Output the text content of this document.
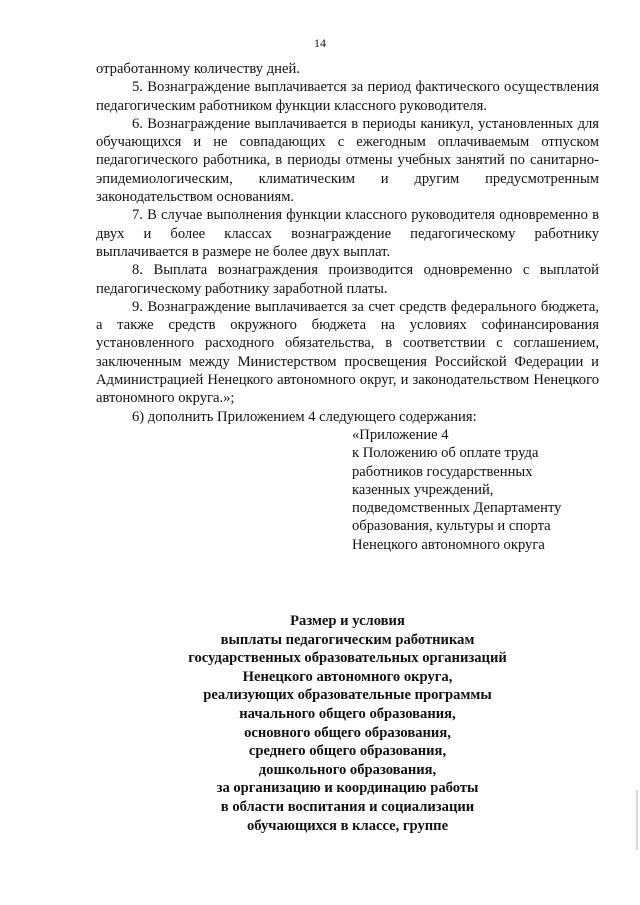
14

отработанному количеству дней.

5. Вознаграждение выплачивается за период фактического осуществления педагогическим работником функции классного руководителя.

6. Вознаграждение выплачивается в периоды каникул, установленных для обучающихся и не совпадающих с ежегодным оплачиваемым отпуском педагогического работника, в периоды отмены учебных занятий по санитарно-эпидемиологическим, климатическим и другим предусмотренным законодательством основаниям.

7. В случае выполнения функции классного руководителя одновременно в двух и более классах вознаграждение педагогическому работнику выплачивается в размере не более двух выплат.

8. Выплата вознаграждения производится одновременно с выплатой педагогическому работнику заработной платы.

9. Вознаграждение выплачивается за счет средств федерального бюджета, а также средств окружного бюджета на условиях софинансирования установленного расходного обязательства, в соответствии с соглашением, заключенным между Министерством просвещения Российской Федерации и Администрацией Ненецкого автономного округ, и законодательством Ненецкого автономного округа.»;

6) дополнить Приложением 4 следующего содержания:

«Приложение 4
к Положению об оплате труда
работников государственных
казенных учреждений,
подведомственных Департаменту
образования, культуры и спорта
Ненецкого автономного округа
Размер и условия
выплаты педагогическим работникам
государственных образовательных организаций
Ненецкого автономного округа,
реализующих образовательные программы
начального общего образования,
основного общего образования,
среднего общего образования,
дошкольного образования,
за организацию и координацию работы
в области воспитания и социализации
обучающихся в классе, группе
